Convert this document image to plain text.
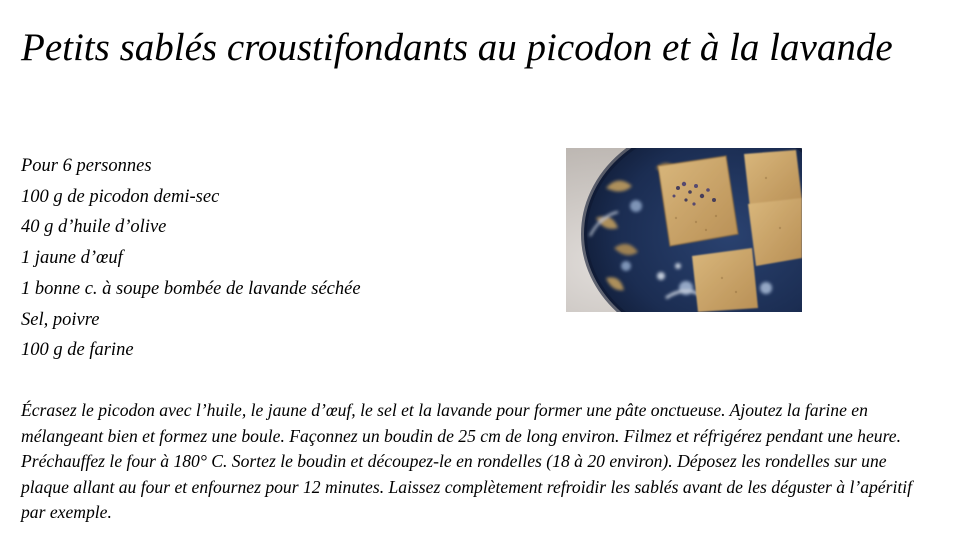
Petits sablés croustifondants au picodon et à la lavande
Pour 6 personnes
100 g de picodon demi-sec
40 g d’huile d’olive
1 jaune d’œuf
1 bonne c. à soupe bombée de lavande séchée
Sel, poivre
100 g de farine

Écrasez le picodon avec l’huile, le jaune d’œuf, le sel et la lavande pour former une pâte onctueuse. Ajoutez la farine en mélangeant bien et formez une boule. Façonnez un boudin de 25 cm de long environ. Filmez et réfrigérez pendant une heure. Préchauffez le four à 180° C. Sortez le boudin et découpez-le en rondelles (18 à 20 environ). Déposez les rondelles sur une plaque allant au four et enfournez pour 12 minutes. Laissez complètement refroidir les sablés avant de les déguster à l’apéritif par exemple.
